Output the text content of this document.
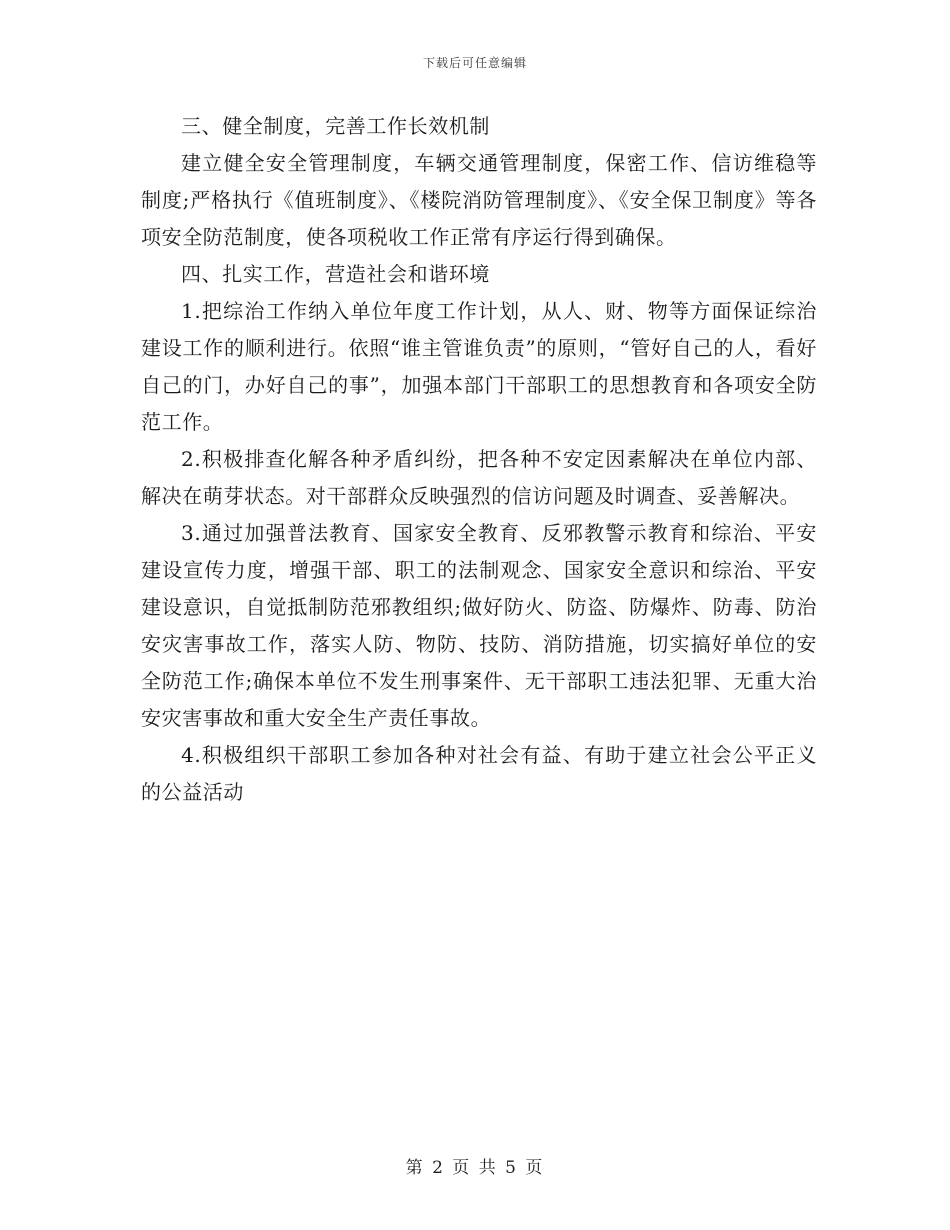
下载后可任意编辑

三、健全制度，完善工作长效机制

建立健全安全管理制度，车辆交通管理制度，保密工作、信访维稳等制度;严格执行《值班制度》、《楼院消防管理制度》、《安全保卫制度》等各项安全防范制度，使各项税收工作正常有序运行得到确保。

四、扎实工作，营造社会和谐环境

1.把综治工作纳入单位年度工作计划，从人、财、物等方面保证综治建设工作的顺利进行。依照“谁主管谁负责”的原则，“管好自己的人，看好自己的门，办好自己的事”，加强本部门干部职工的思想教育和各项安全防范工作。

2.积极排查化解各种矛盾纠纷，把各种不安定因素解决在单位内部、解决在萌芽状态。对干部群众反映强烈的信访问题及时调查、妥善解决。

3.通过加强普法教育、国家安全教育、反邪教警示教育和综治、平安建设宣传力度，增强干部、职工的法制观念、国家安全意识和综治、平安建设意识，自觉抵制防范邪教组织;做好防火、防盗、防爆炸、防毒、防治安灾害事故工作，落实人防、物防、技防、消防措施，切实搞好单位的安全防范工作;确保本单位不发生刑事案件、无干部职工违法犯罪、无重大治安灾害事故和重大安全生产责任事故。

4.积极组织干部职工参加各种对社会有益、有助于建立社会公平正义的公益活动

第 2 页 共 5 页
